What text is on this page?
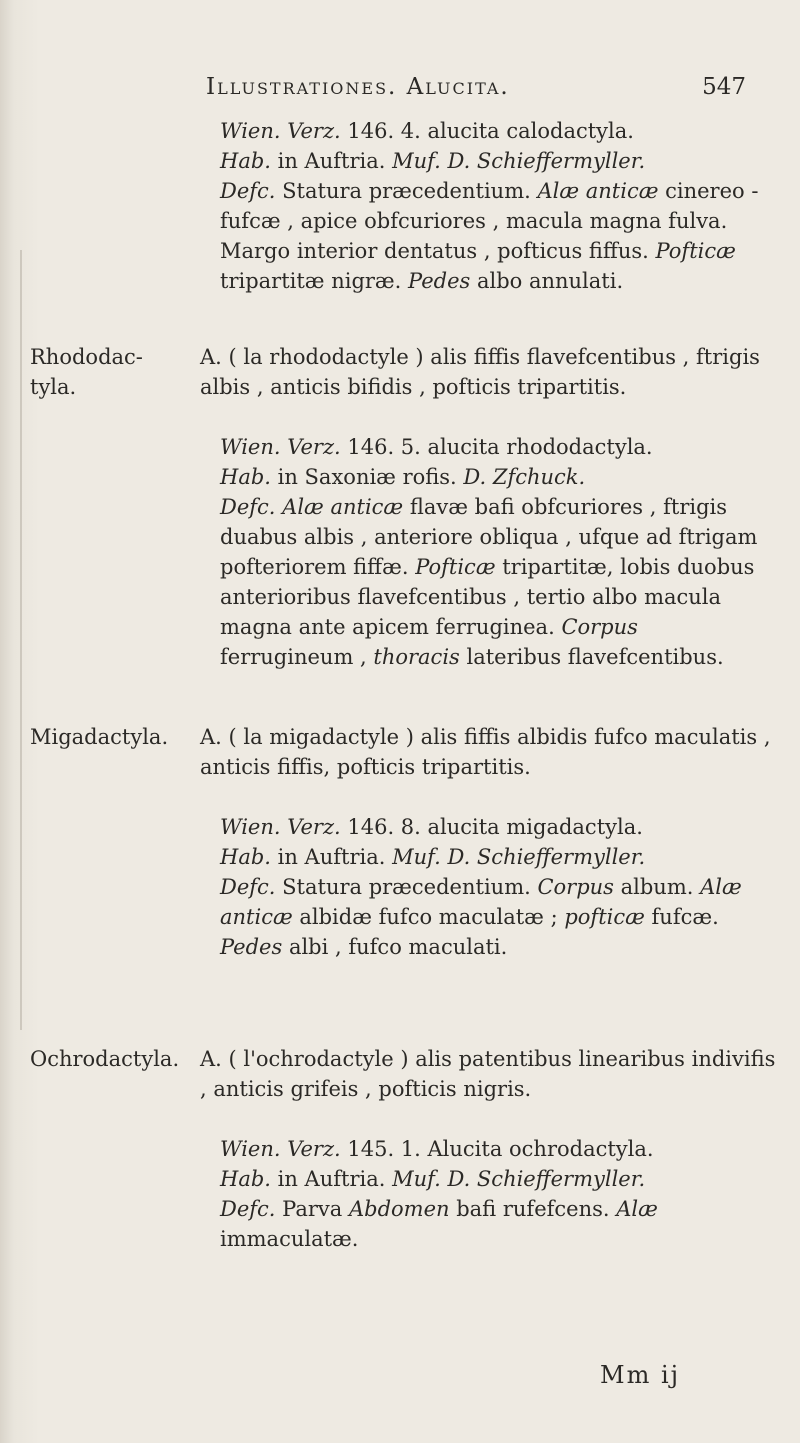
Illustrationes. Alucita.	547

Wien. Verz. 146. 4. alucita calodactyla.

Hab. in Auftria. Muf. D. Schieffermyller.

Defc. Statura præcedentium. Alæ anticæ cinereo - fufcæ , apice obfcuriores , macula magna fulva. Margo interior dentatus , pofticus fiffus. Pofticæ tripartitæ nigræ. Pedes albo annulati.

Rhododac-
tyla.

A. ( la rhododactyle ) alis fiffis flavefcentibus , ftrigis albis , anticis bifidis , pofticis tripartitis.

Wien. Verz. 146. 5. alucita rhododactyla.

Hab. in Saxoniæ rofis. D. Zfchuck.

Defc. Alæ anticæ flavæ bafi obfcuriores , ftrigis duabus albis , anteriore obliqua , ufque ad ftrigam pofteriorem fiffæ. Pofticæ tripartitæ, lobis duobus anterioribus flavefcentibus , tertio albo macula magna ante apicem ferruginea. Corpus ferrugineum , thoracis lateribus flavefcentibus.

Migadactyla.	A. ( la migadactyle ) alis fiffis albidis fufco maculatis , anticis fiffis, pofticis tripartitis.

Wien. Verz. 146. 8. alucita migadactyla.

Hab. in Auftria. Muf. D. Schieffermyller.

Defc. Statura præcedentium. Corpus album. Alæ anticæ albidæ fufco maculatæ ; pofticæ fufcæ. Pedes albi , fufco maculati.

Ochrodactyla. A. ( l'ochrodactyle ) alis patentibus linearibus indivifis , anticis grifeis , pofticis nigris.

Wien. Verz. 145. 1. Alucita ochrodactyla.

Hab. in Auftria. Muf. D. Schieffermyller.

Defc. Parva Abdomen bafi rufefcens. Alæ immaculatæ.

Mm ij
